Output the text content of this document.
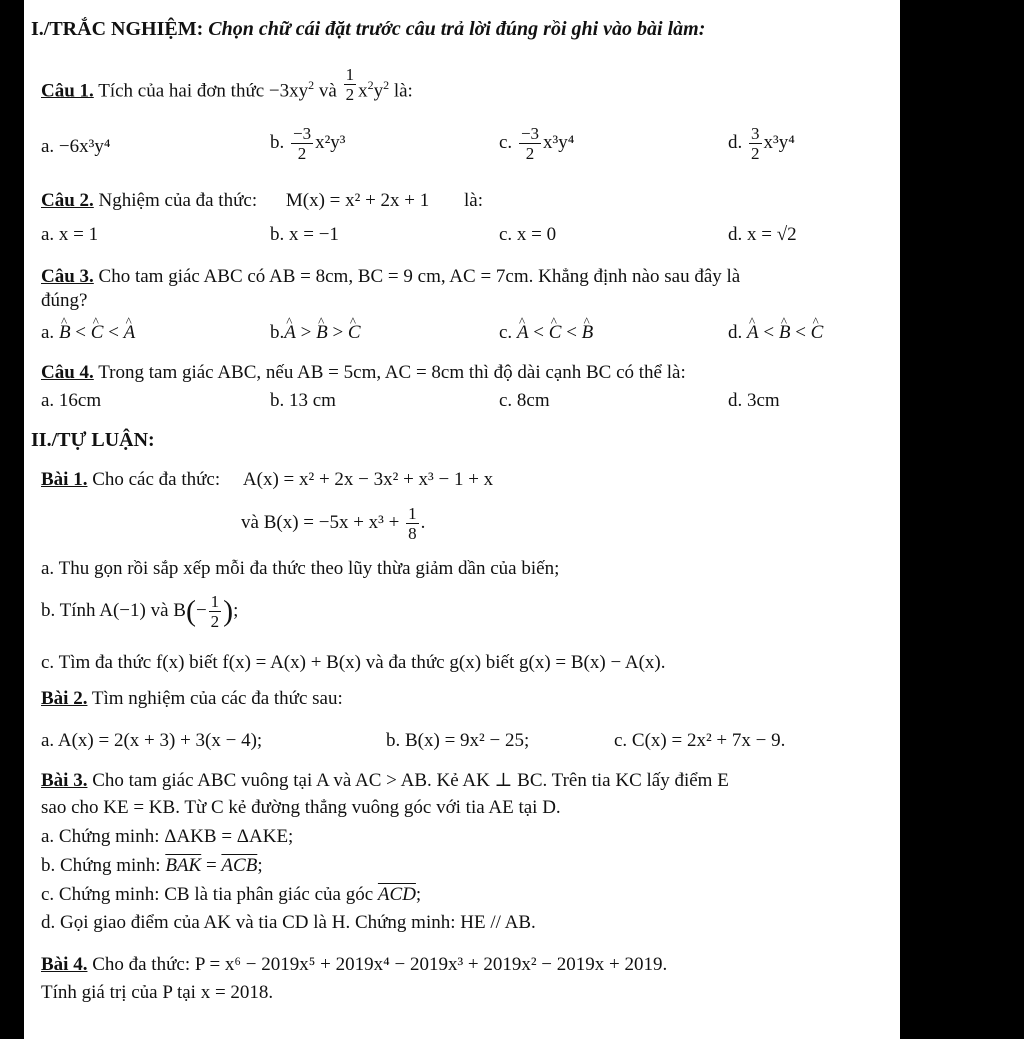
I./TRẮC NGHIỆM: Chọn chữ cái đặt trước câu trả lời đúng rồi ghi vào bài làm:
Câu 1. Tích của hai đơn thức $-3xy^2$ và $\frac{1}{2} x^2y^2$ là:
a. −6x³y⁴	b. $\frac{-3}{2} x^2y^3$	c. $\frac{-3}{2} x^3y^4$	d. $\frac{3}{2} x^3y^4$
Câu 2. Nghiệm của đa thức: M(x) = x² + 2x + 1 là:
a. x = 1	b. x = −1	c. x = 0	d. x = √2
Câu 3. Cho tam giác ABC có AB = 8cm, BC = 9 cm, AC = 7cm. Khẳng định nào sau đây là
đúng?
a. ^ B < ^ C < ^ A	b.^ A > ^ B > ^ C	c. ^ A < ^ C < ^ B	d. ^ A < ^ B < ^ C
Câu 4. Trong tam giác ABC, nếu AB = 5cm, AC = 8cm thì độ dài cạnh BC có thể là:
a. 16cm	b. 13 cm	c. 8cm	d. 3cm
II./TỰ LUẬN:
Bài 1. Cho các đa thức: A(x) = x² + 2x − 3x² + x³ − 1 + x
và $B(x) = -5x + x^3 + \frac{1}{8}$ .
a. Thu gọn rồi sắp xếp mỗi đa thức theo lũy thừa giảm dần của biến;
b. Tính A(−1) và $B(- \frac{1}{2}$ );
c. Tìm đa thức f(x) biết f(x) = A(x) + B(x) và đa thức g(x) biết g(x) = B(x) − A(x).
Bài 2. Tìm nghiệm của các đa thức sau:
a. A(x) = 2(x + 3) + 3(x − 4);	b. B(x) = 9x² − 25;	c. C(x) = 2x² + 7x − 9.
Bài 3. Cho tam giác ABC vuông tại A và AC > AB. Kẻ AK ⊥ BC. Trên tia KC lấy điểm E
sao cho KE = KB. Từ C kẻ đường thẳng vuông góc với tia AE tại D.
a. Chứng minh: ΔAKB = ΔAKE;
b. Chứng minh: $\overline{BAK} = \overline{ACB}$;
c. Chứng minh: CB là tia phân giác của góc $\overline{ACD}$;
d. Gọi giao điểm của AK và tia CD là H. Chứng minh: HE // AB.
Bài 4. Cho đa thức: P = x⁶ − 2019x⁵ + 2019x⁴ − 2019x³ + 2019x² − 2019x + 2019.
Tính giá trị của P tại x = 2018.
